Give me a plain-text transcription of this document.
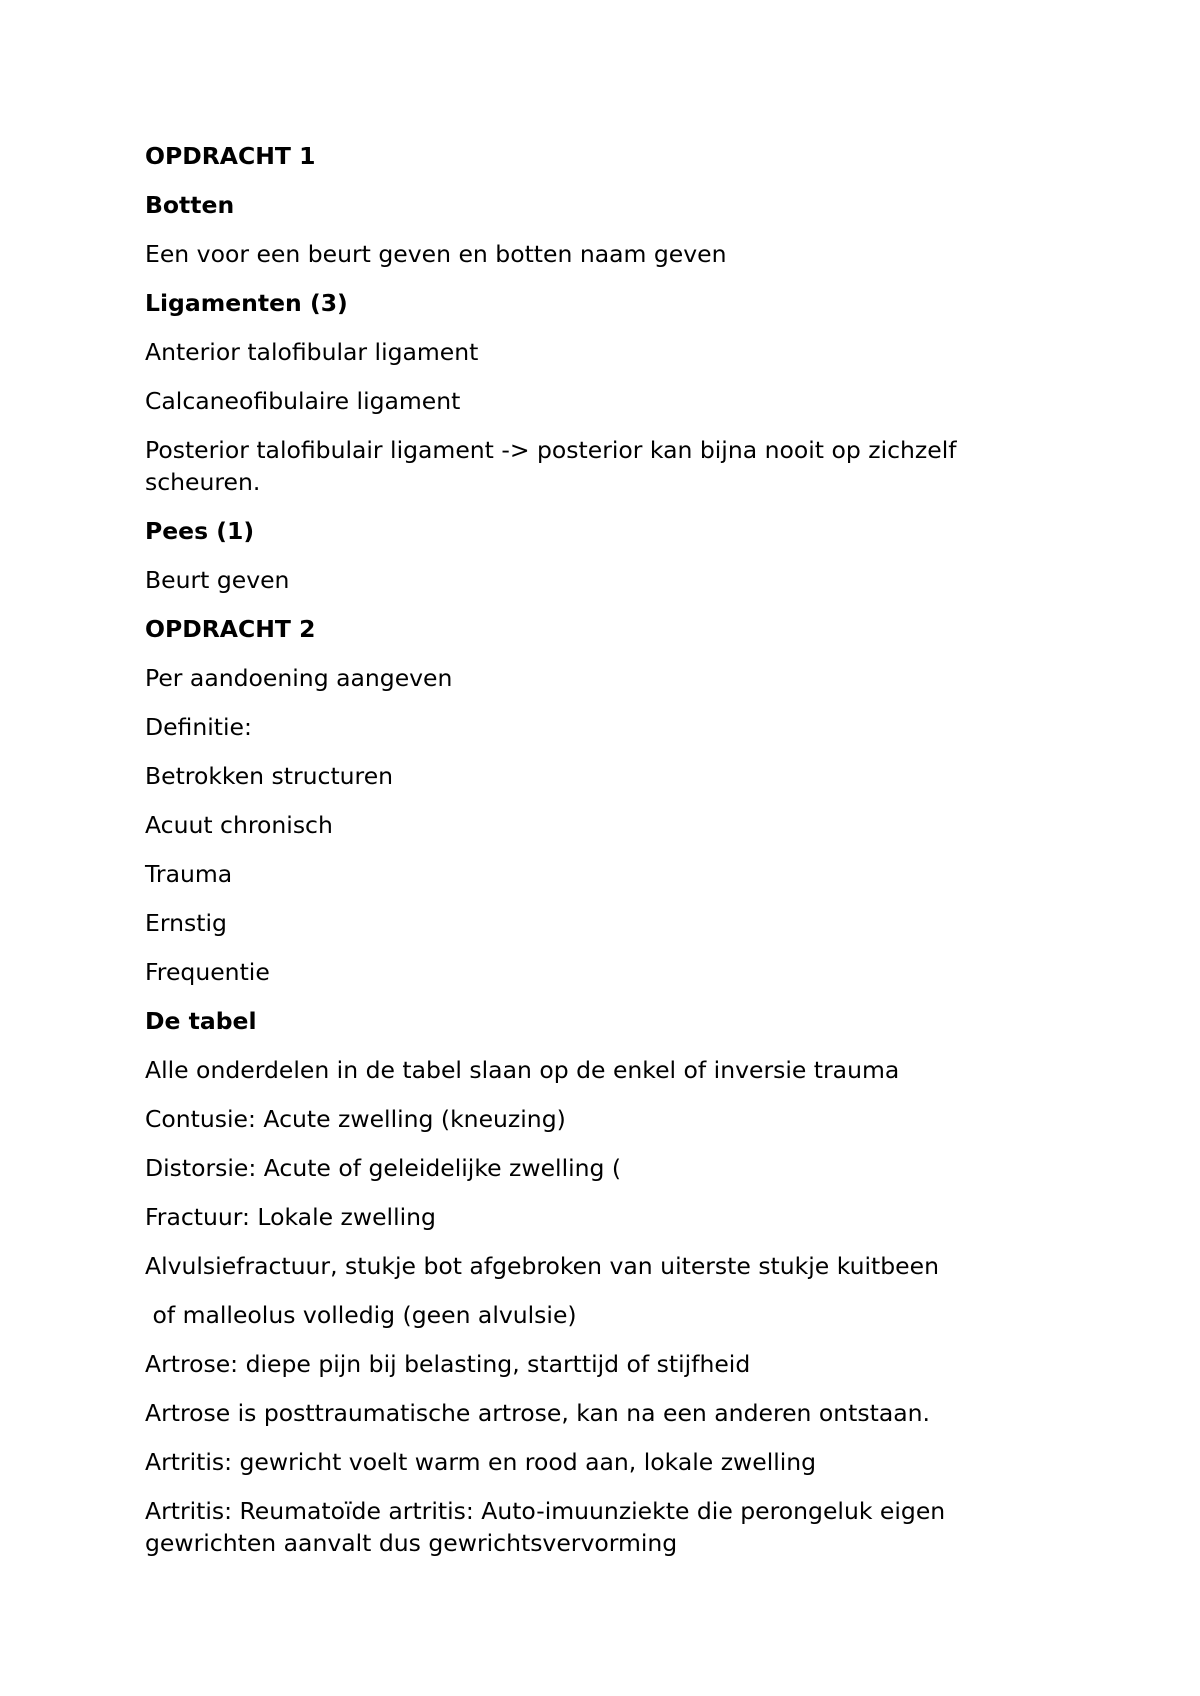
OPDRACHT 1

Botten

Een voor een beurt geven en botten naam geven

Ligamenten (3)

Anterior talofibular ligament

Calcaneofibulaire ligament

Posterior talofibulair ligament -> posterior kan bijna nooit op zichzelf scheuren.

Pees (1)

Beurt geven

OPDRACHT 2

Per aandoening aangeven

Definitie:

Betrokken structuren

Acuut chronisch

Trauma

Ernstig

Frequentie

De tabel

Alle onderdelen in de tabel slaan op de enkel of inversie trauma

Contusie: Acute zwelling (kneuzing)

Distorsie: Acute of geleidelijke zwelling (

Fractuur: Lokale zwelling

Alvulsiefractuur, stukje bot afgebroken van uiterste stukje kuitbeen

of malleolus volledig (geen alvulsie)

Artrose: diepe pijn bij belasting, starttijd of stijfheid

Artrose is posttraumatische artrose, kan na een anderen ontstaan.

Artritis: gewricht voelt warm en rood aan, lokale zwelling

Artritis: Reumatoïde artritis: Auto-imuunziekte die perongeluk eigen gewrichten aanvalt dus gewrichtsvervorming
